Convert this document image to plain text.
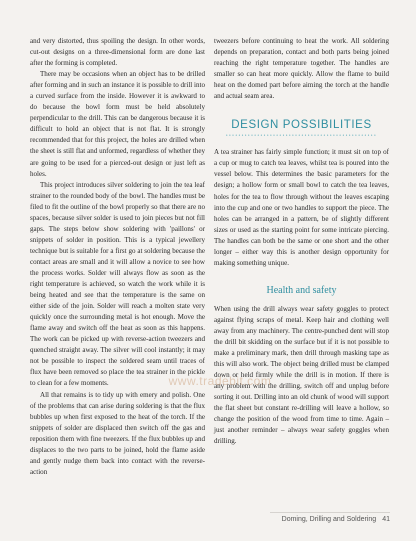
and very distorted, thus spoiling the design. In other words, cut-out designs on a three-dimensional form are done last after the forming is completed.

There may be occasions when an object has to be drilled after forming and in such an instance it is possible to drill into a curved surface from the inside. However it is awkward to do because the bowl form must be held absolutely perpendicular to the drill. This can be dangerous because it is difficult to hold an object that is not flat. It is strongly recommended that for this project, the holes are drilled when the sheet is still flat and unformed, regardless of whether they are going to be used for a pierced-out design or just left as holes.

This project introduces silver soldering to join the tea leaf strainer to the rounded body of the bowl. The handles must be filed to fit the outline of the bowl properly so that there are no spaces, because silver solder is used to join pieces but not fill gaps. The steps below show soldering with 'paillons' or snippets of solder in position. This is a typical jewellery technique but is suitable for a first go at soldering because the contact areas are small and it will allow a novice to see how the process works. Solder will always flow as soon as the right temperature is achieved, so watch the work while it is being heated and see that the temperature is the same on either side of the join. Solder will reach a molten state very quickly once the surrounding metal is hot enough. Move the flame away and switch off the heat as soon as this happens. The work can be picked up with reverse-action tweezers and quenched straight away. The silver will cool instantly; it may not be possible to inspect the soldered seam until traces of flux have been removed so place the tea strainer in the pickle to clean for a few moments.

All that remains is to tidy up with emery and polish. One of the problems that can arise during soldering is that the flux bubbles up when first exposed to the heat of the torch. If the snippets of solder are displaced then switch off the gas and reposition them with fine tweezers. If the flux bubbles up and displaces to the two parts to be joined, hold the flame aside and gently nudge them back into contact with the reverse-action

tweezers before continuing to heat the work. All soldering depends on preparation, contact and both parts being joined reaching the right temperature together. The handles are smaller so can heat more quickly. Allow the flame to build heat on the domed part before aiming the torch at the handle and actual seam area.

DESIGN POSSIBILITIES
••••••••••••••••••••••••••••••••••••••••••••••••

A tea strainer has fairly simple function; it must sit on top of a cup or mug to catch tea leaves, whilst tea is poured into the vessel below. This determines the basic parameters for the design; a hollow form or small bowl to catch the tea leaves, holes for the tea to flow through without the leaves escaping into the cup and one or two handles to support the piece. The holes can be arranged in a pattern, be of slightly different sizes or used as the starting point for some intricate piercing. The handles can both be the same or one short and the other longer – either way this is another design opportunity for making something unique.

Health and safety

When using the drill always wear safety goggles to protect against flying scraps of metal. Keep hair and clothing well away from any machinery. The centre-punched dent will stop the drill bit skidding on the surface but if it is not possible to make a preliminary mark, then drill through masking tape as this will also work. The object being drilled must be clamped down or held firmly while the drill is in motion. If there is any problem with the drilling, switch off and unplug before sorting it out. Drilling into an old chunk of wood will support the flat sheet but constant re-drilling will leave a hollow, so change the position of the wood from time to time. Again – just another reminder – always wear safety goggles when drilling.

www.tradebit.com
Doming, Drilling and Soldering 41
